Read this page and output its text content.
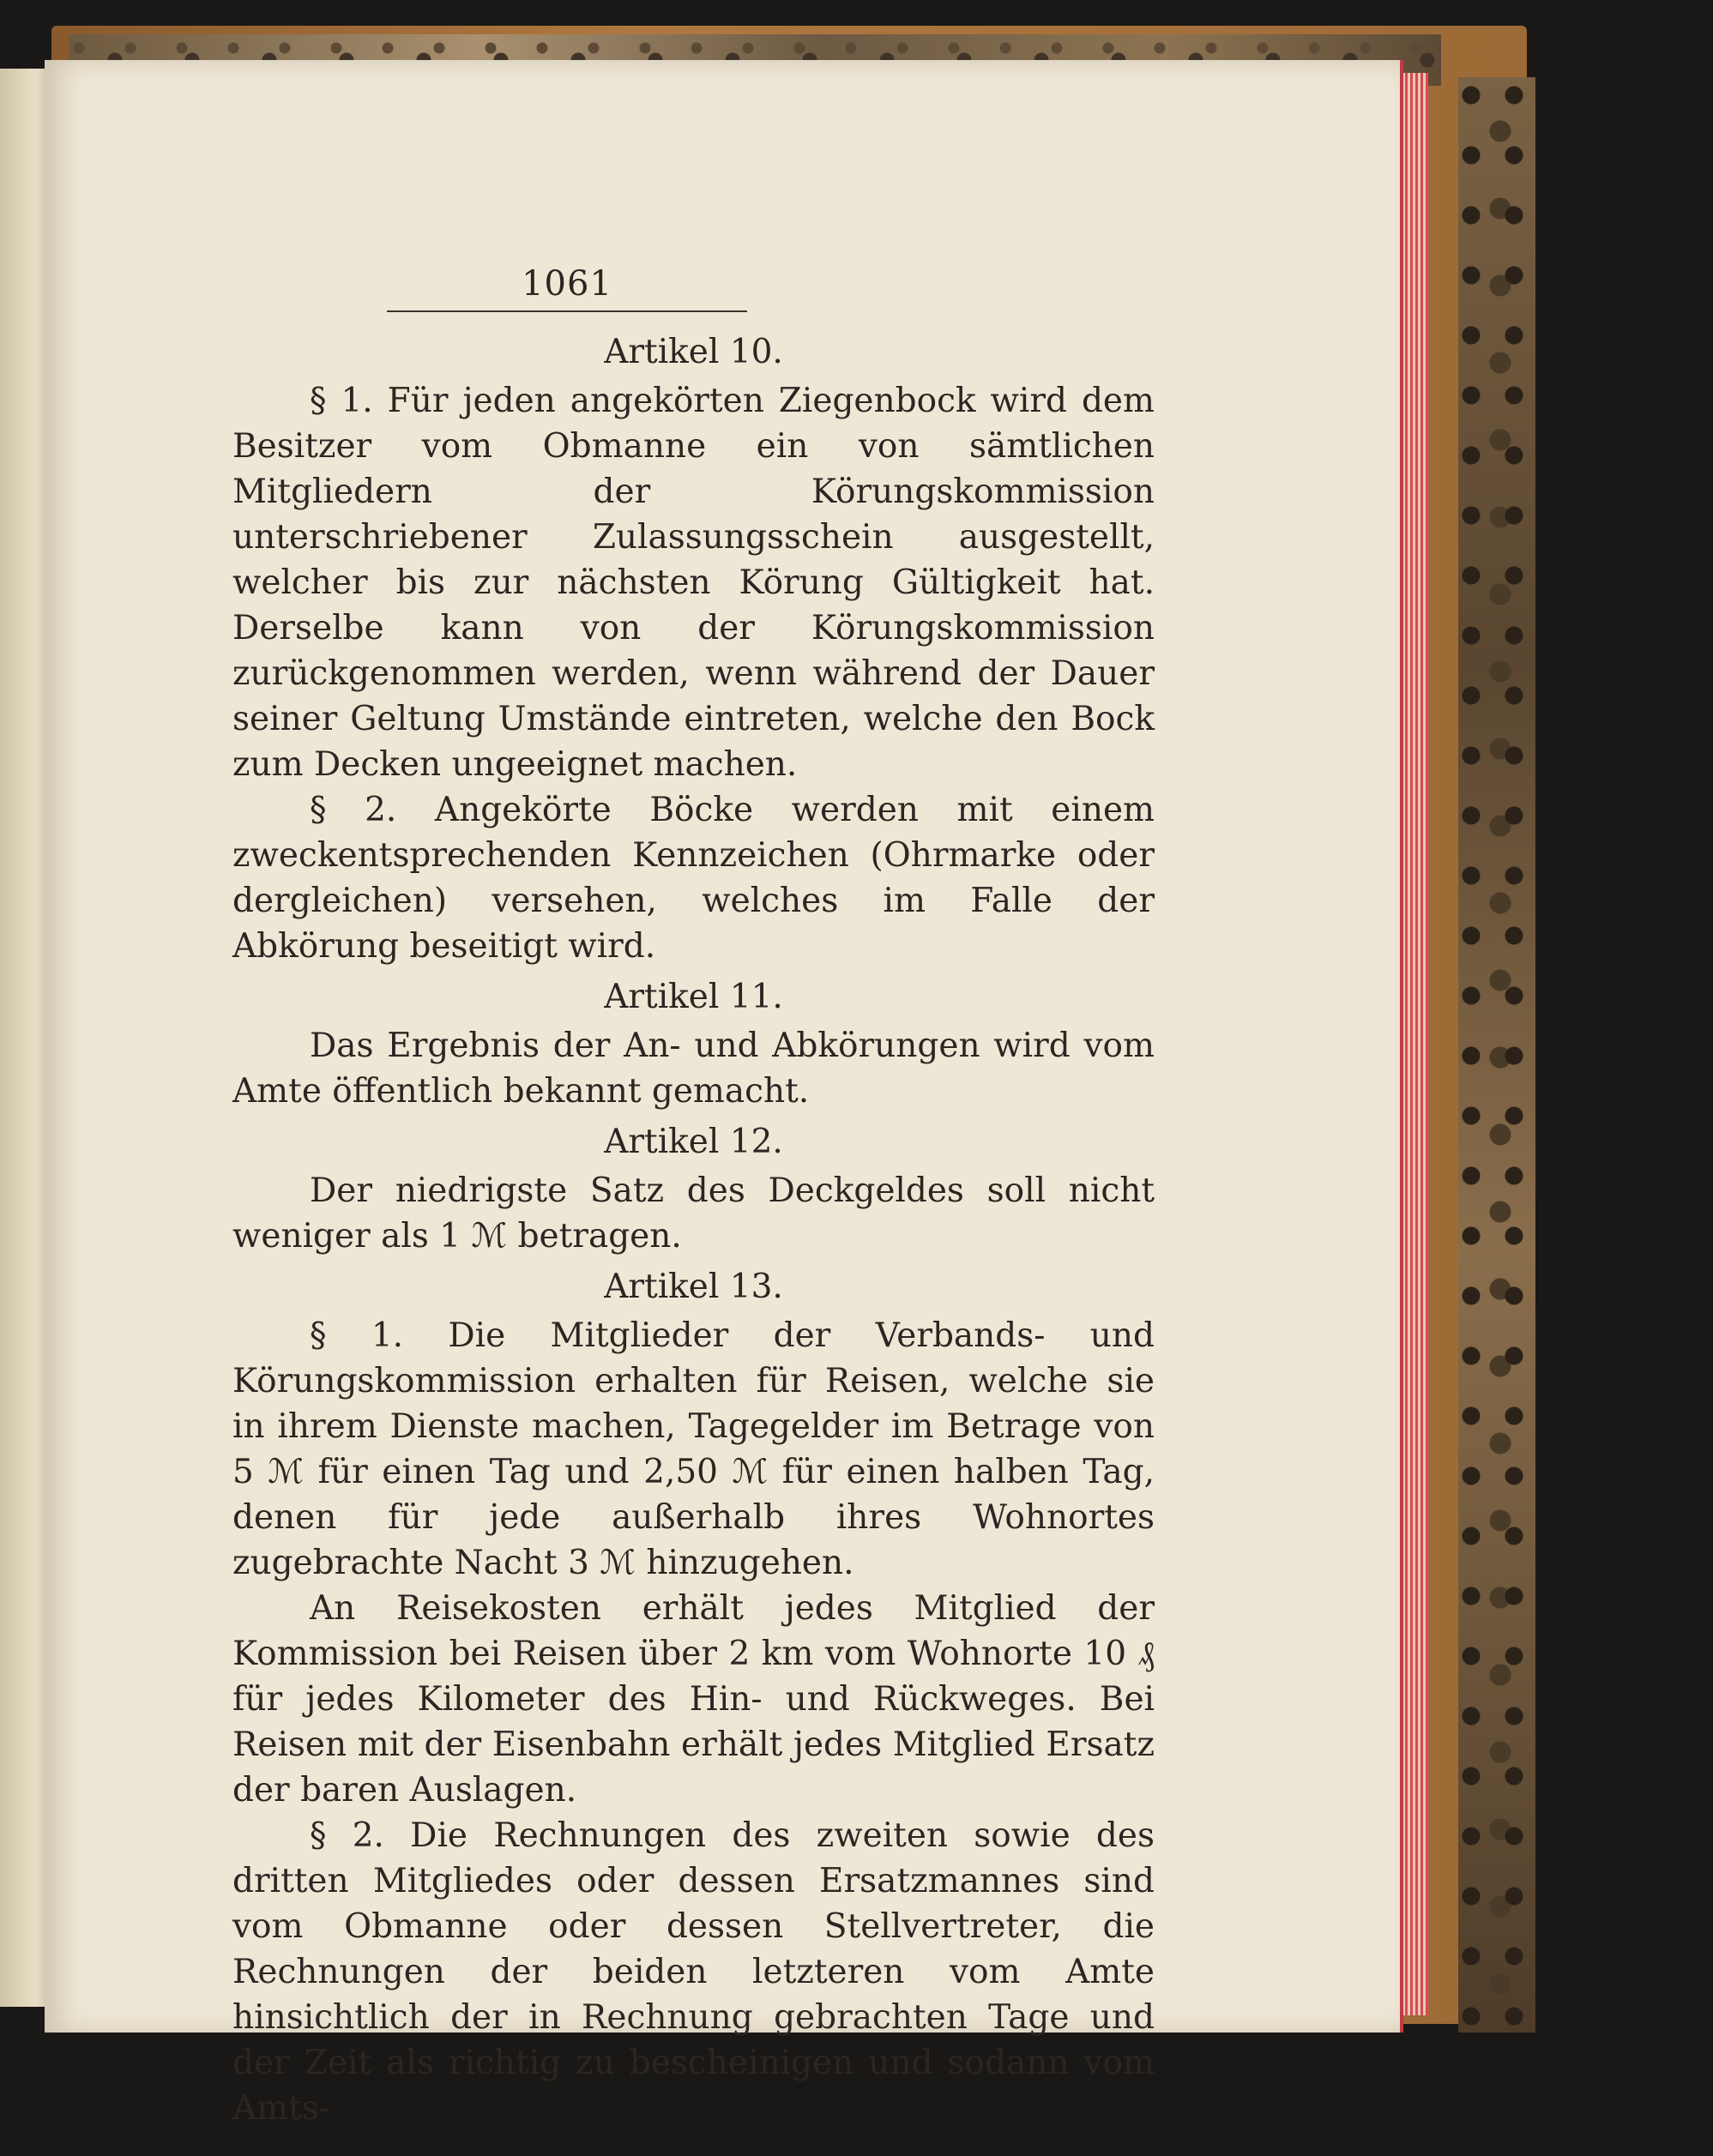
1061
Artikel 10.

§ 1. Für jeden angekörten Ziegenbock wird dem Besitzer vom Obmanne ein von sämtlichen Mitgliedern der Körungskommission unterschriebener Zulassungsschein ausgestellt, welcher bis zur nächsten Körung Gültigkeit hat. Derselbe kann von der Körungskommission zurückgenommen werden, wenn während der Dauer seiner Geltung Umstände eintreten, welche den Bock zum Decken ungeeignet machen.

§ 2. Angekörte Böcke werden mit einem zweckentsprechenden Kennzeichen (Ohrmarke oder dergleichen) versehen, welches im Falle der Abkörung beseitigt wird.

Artikel 11.

Das Ergebnis der An- und Abkörungen wird vom Amte öffentlich bekannt gemacht.

Artikel 12.

Der niedrigste Satz des Deckgeldes soll nicht weniger als 1 ℳ betragen.

Artikel 13.

§ 1. Die Mitglieder der Verbands- und Körungskommission erhalten für Reisen, welche sie in ihrem Dienste machen, Tagegelder im Betrage von 5 ℳ für einen Tag und 2,50 ℳ für einen halben Tag, denen für jede außerhalb ihres Wohnortes zugebrachte Nacht 3 ℳ hinzugehen.

An Reisekosten erhält jedes Mitglied der Kommission bei Reisen über 2 km vom Wohnorte 10 ₰ für jedes Kilometer des Hin- und Rückweges. Bei Reisen mit der Eisenbahn erhält jedes Mitglied Ersatz der baren Auslagen.

§ 2. Die Rechnungen des zweiten sowie des dritten Mitgliedes oder dessen Ersatzmannes sind vom Obmanne oder dessen Stellvertreter, die Rechnungen der beiden letzteren vom Amte hinsichtlich der in Rechnung gebrachten Tage und der Zeit als richtig zu bescheinigen und sodann vom Amts-
